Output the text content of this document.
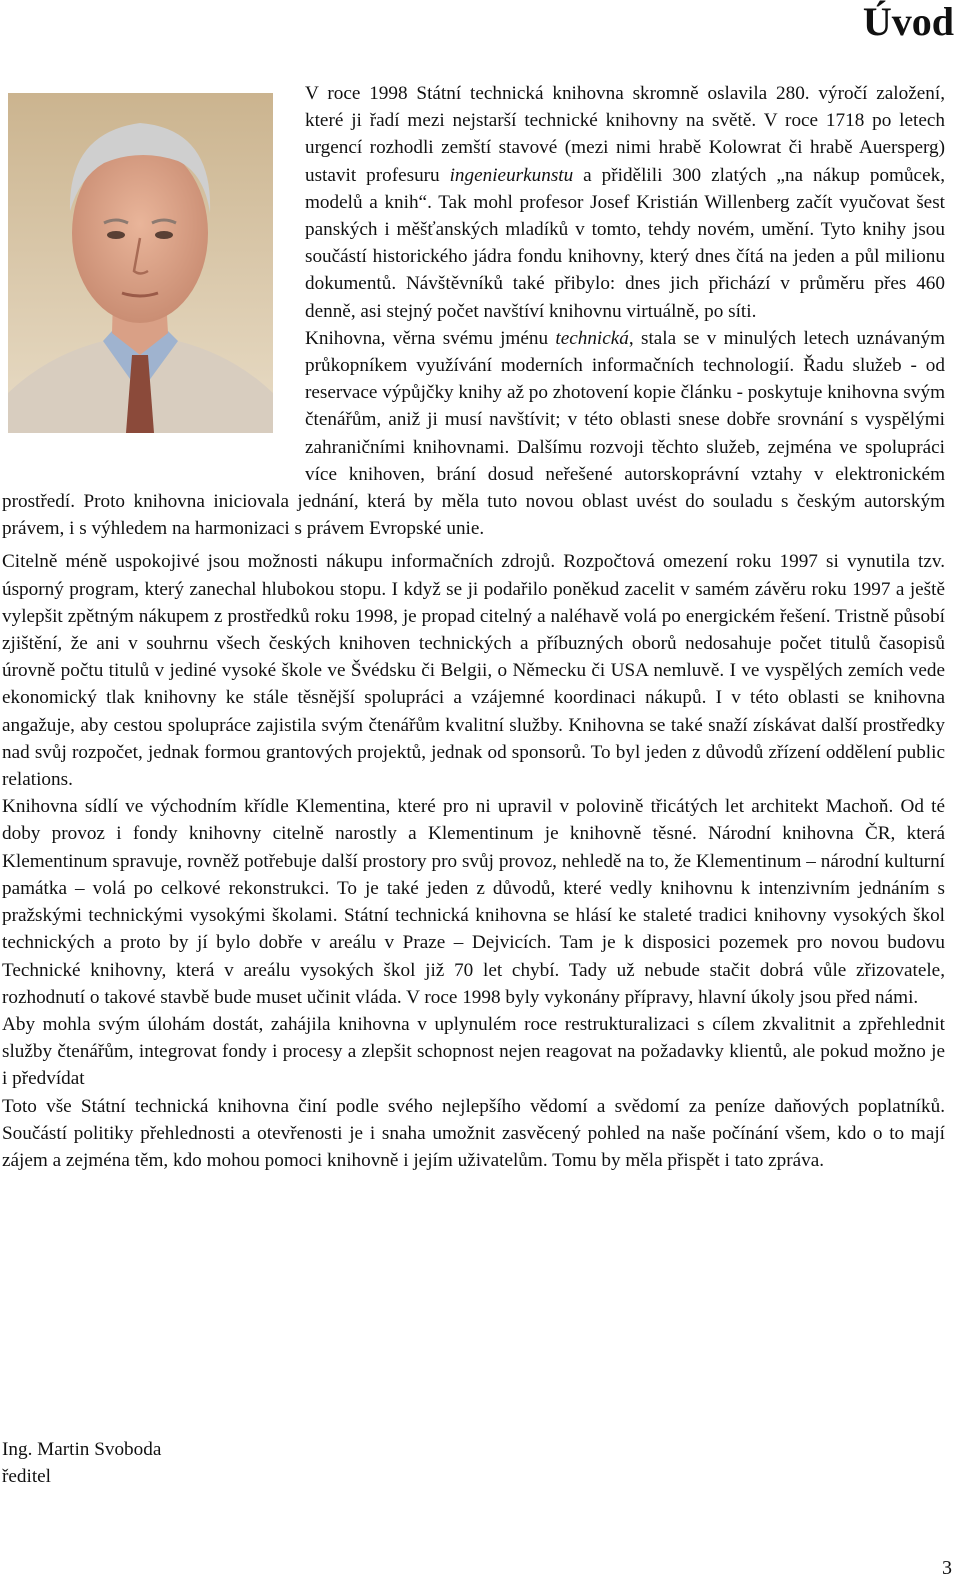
Úvod

V roce 1998 Státní technická knihovna skromně oslavila 280. výročí založení, které ji řadí mezi nejstarší technické knihovny na světě. V roce 1718 po letech urgencí rozhodli zemští stavové (mezi nimi hrabě Kolowrat či hrabě Auersperg) ustavit profesuru ingenieurkunstu a přidělili 300 zlatých „na nákup pomůcek, modelů a knih“. Tak mohl profesor Josef Kristián Willenberg začít vyučovat šest panských i měšťanských mladíků v tomto, tehdy novém, umění. Tyto knihy jsou součástí historického jádra fondu knihovny, který dnes čítá na jeden a půl milionu dokumentů. Návštěvníků také přibylo: dnes jich přichází v průměru přes 460 denně, asi stejný počet navštíví knihovnu virtuálně, po síti.

Knihovna, věrna svému jménu technická, stala se v minulých letech uznávaným průkopníkem využívání moderních informačních technologií. Řadu služeb - od reservace výpůjčky knihy až po zhotovení kopie článku - poskytuje knihovna svým čtenářům, aniž ji musí navštívit; v této oblasti snese dobře srovnání s vyspělými zahraničními knihovnami. Dalšímu rozvoji těchto služeb, zejména ve spolupráci více knihoven, brání dosud neřešené autorskoprávní vztahy v elektronickém prostředí. Proto knihovna iniciovala jednání, která by měla tuto novou oblast uvést do souladu s českým autorským právem, i s výhledem na harmonizaci s právem Evropské unie.

Citelně méně uspokojivé jsou možnosti nákupu informačních zdrojů. Rozpočtová omezení roku 1997 si vynutila tzv. úsporný program, který zanechal hlubokou stopu. I když se ji podařilo poněkud zacelit v samém závěru roku 1997 a ještě vylepšit zpětným nákupem z prostředků roku 1998, je propad citelný a naléhavě volá po energickém řešení. Tristně působí zjištění, že ani v souhrnu všech českých knihoven technických a příbuzných oborů nedosahuje počet titulů časopisů úrovně počtu titulů v jediné vysoké škole ve Švédsku či Belgii, o Německu či USA nemluvě. I ve vyspělých zemích vede ekonomický tlak knihovny ke stále těsnější spolupráci a vzájemné koordinaci nákupů. I v této oblasti se knihovna angažuje, aby cestou spolupráce zajistila svým čtenářům kvalitní služby. Knihovna se také snaží získávat další prostředky nad svůj rozpočet, jednak formou grantových projektů, jednak od sponsorů. To byl jeden z důvodů zřízení oddělení public relations.

Knihovna sídlí ve východním křídle Klementina, které pro ni upravil v polovině třicátých let architekt Machoň. Od té doby provoz i fondy knihovny citelně narostly a Klementinum je knihovně těsné. Národní knihovna ČR, která Klementinum spravuje, rovněž potřebuje další prostory pro svůj provoz, nehledě na to, že Klementinum – národní kulturní památka – volá po celkové rekonstrukci. To je také jeden z důvodů, které vedly knihovnu k intenzivním jednáním s pražskými technickými vysokými školami. Státní technická knihovna se hlásí ke staleté tradici knihovny vysokých škol technických a proto by jí bylo dobře v areálu v Praze – Dejvicích. Tam je k disposici pozemek pro novou budovu Technické knihovny, která v areálu vysokých škol již 70 let chybí. Tady už nebude stačit dobrá vůle zřizovatele, rozhodnutí o takové stavbě bude muset učinit vláda. V roce 1998 byly vykonány přípravy, hlavní úkoly jsou před námi.

Aby mohla svým úlohám dostát, zahájila knihovna v uplynulém roce restrukturalizaci s cílem zkvalitnit a zpřehlednit služby čtenářům, integrovat fondy i procesy a zlepšit schopnost nejen reagovat na požadavky klientů, ale pokud možno je i předvídat

Toto vše Státní technická knihovna činí podle svého nejlepšího vědomí a svědomí za peníze daňových poplatníků. Součástí politiky přehlednosti a otevřenosti je i snaha umožnit zasvěcený pohled na naše počínání všem, kdo o to mají zájem a zejména těm, kdo mohou pomoci knihovně i jejím uživatelům. Tomu by měla přispět i tato zpráva.

Ing. Martin Svoboda
ředitel
3
